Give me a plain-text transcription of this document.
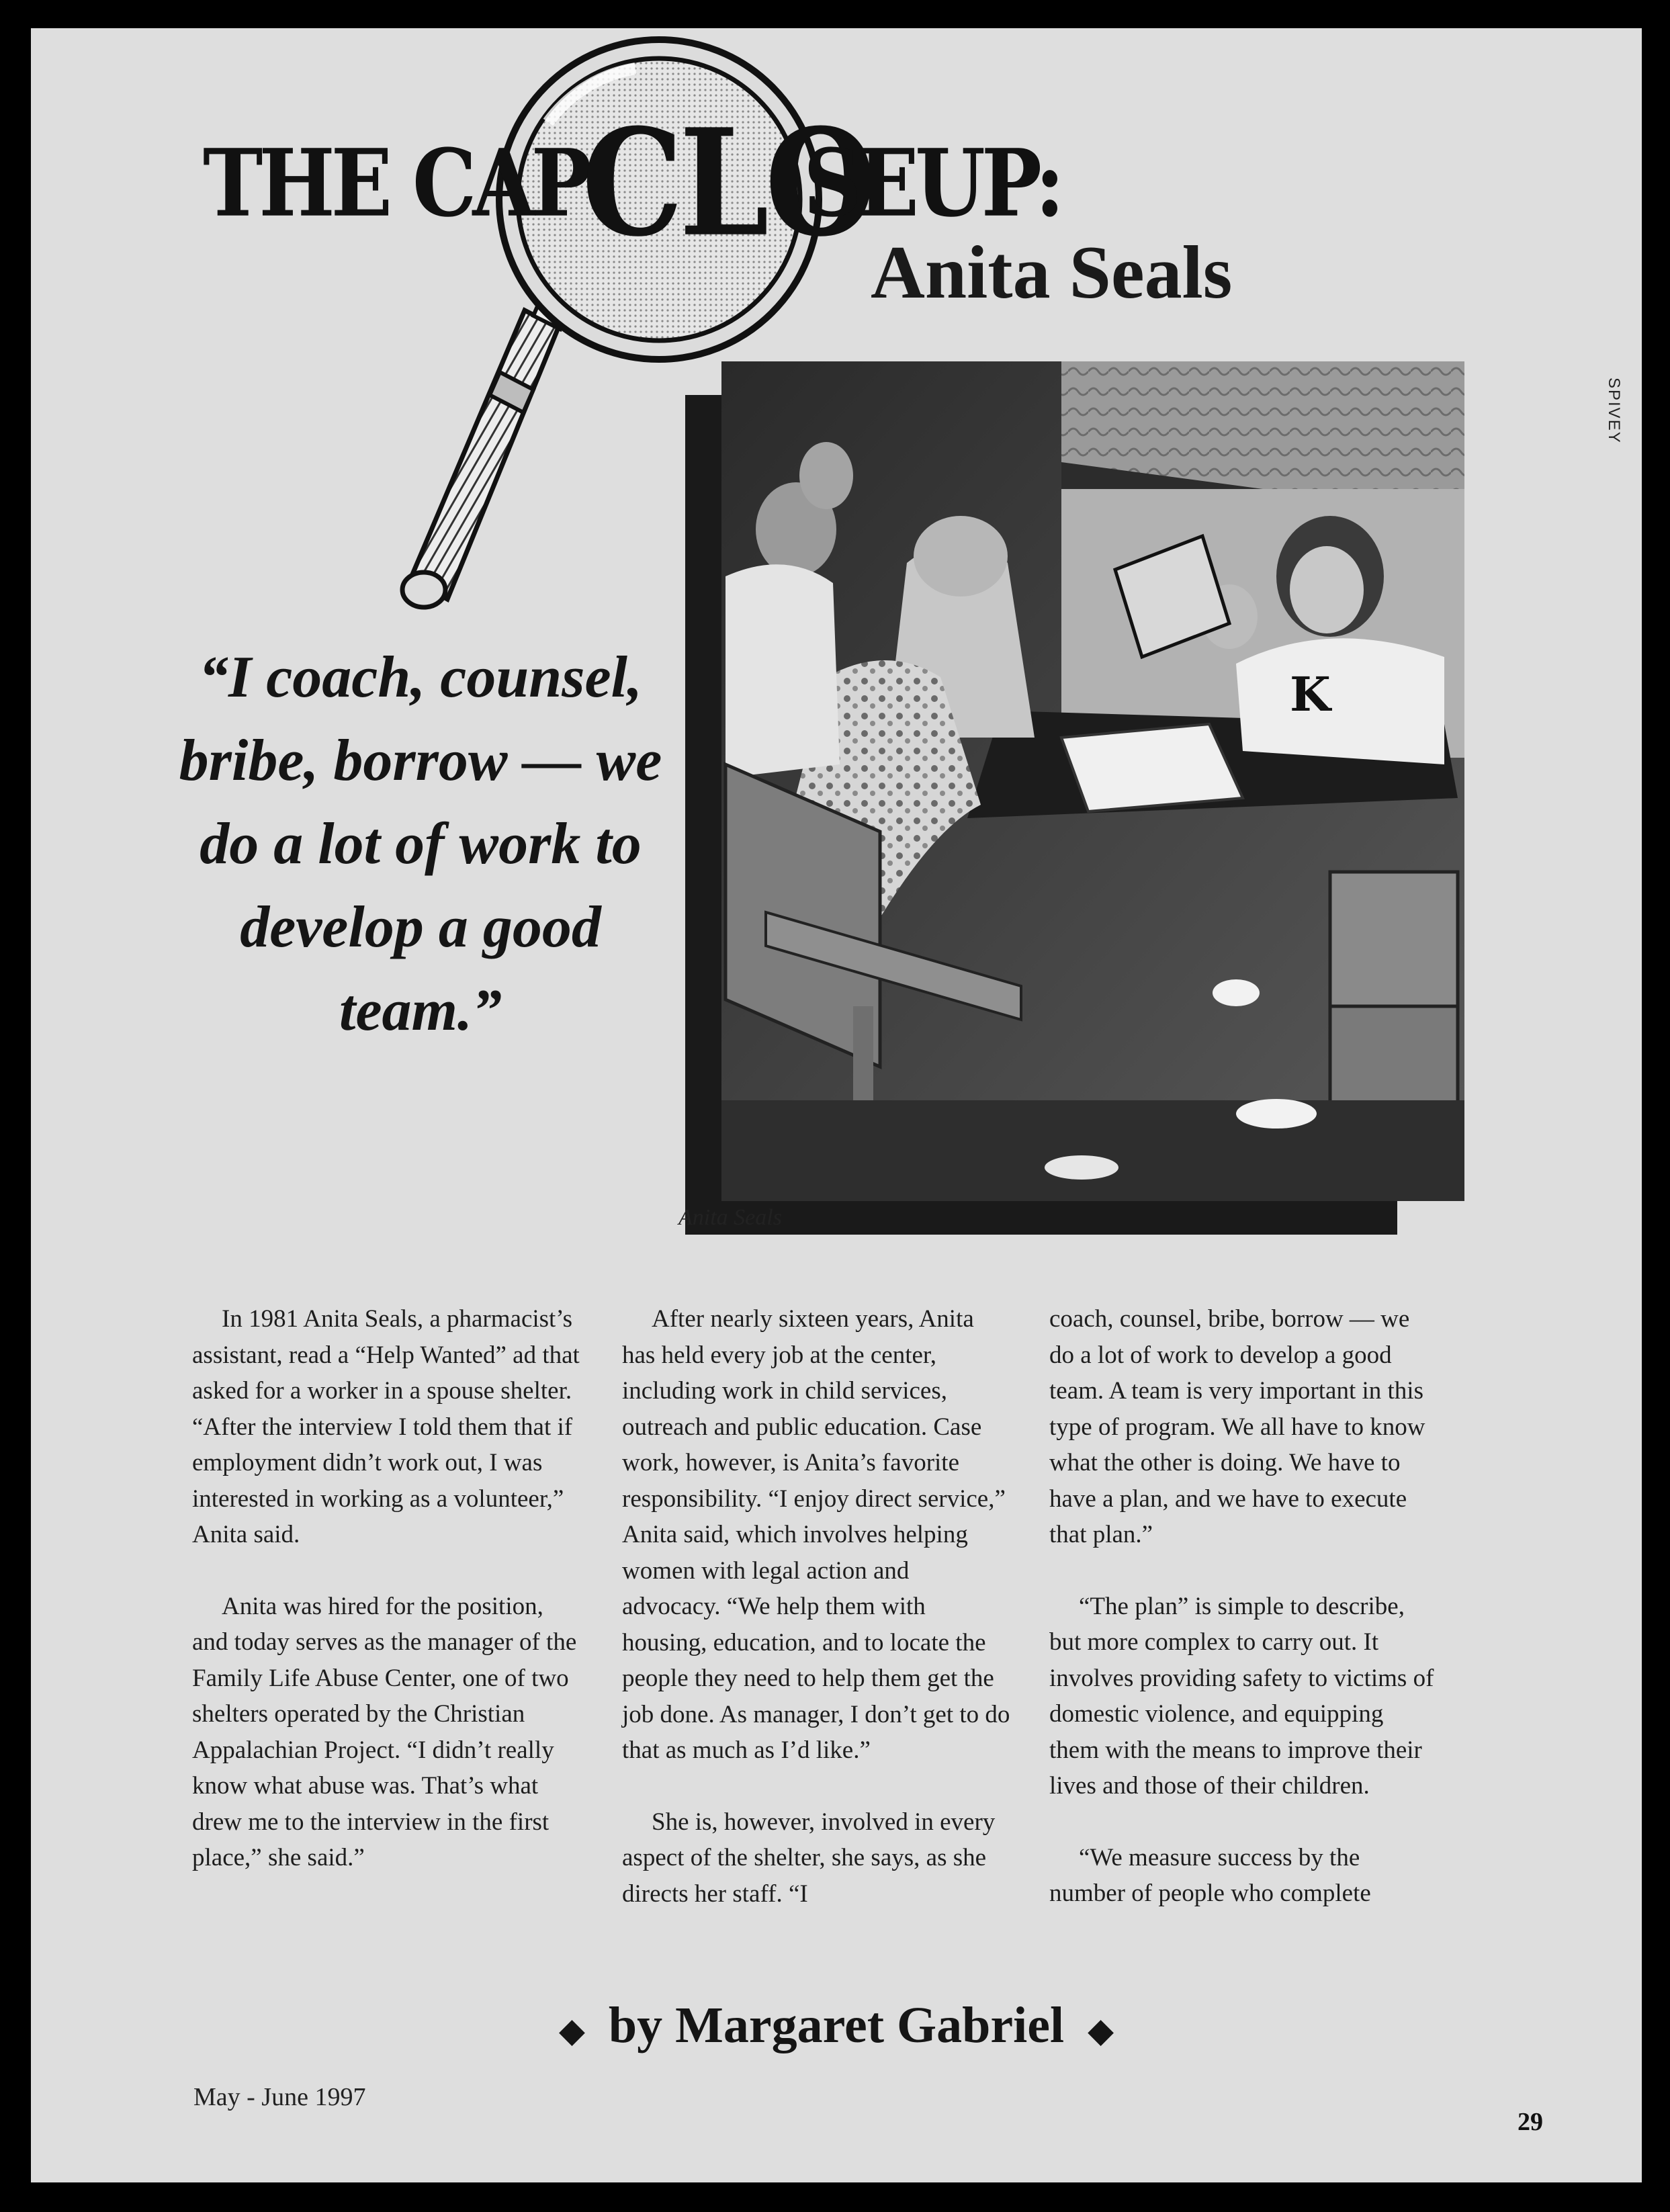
THE CAP
CLO
SEUP:
Anita Seals
SPIVEY
K
“I coach, counsel, bribe, borrow — we do a lot of work to develop a good team.”
Anita Seals

In 1981 Anita Seals, a pharmacist’s assistant, read a “Help Wanted” ad that asked for a worker in a spouse shelter. “After the interview I told them that if employment didn’t work out, I was interested in working as a volunteer,” Anita said.

Anita was hired for the position, and today serves as the manager of the Family Life Abuse Center, one of two shelters operated by the Christian Appalachian Project. “I didn’t really know what abuse was. That’s what drew me to the interview in the first place,” she said.”

After nearly sixteen years, Anita has held every job at the center, including work in child services, outreach and public education. Case work, however, is Anita’s favorite responsibility. “I enjoy direct service,” Anita said, which involves helping women with legal action and advocacy. “We help them with housing, education, and to locate the people they need to help them get the job done. As manager, I don’t get to do that as much as I’d like.”

She is, however, involved in every aspect of the shelter, she says, as she directs her staff. “I

coach, counsel, bribe, borrow — we do a lot of work to develop a good team. A team is very important in this type of program. We all have to know what the other is doing. We have to have a plan, and we have to execute that plan.”

“The plan” is simple to describe, but more complex to carry out. It involves providing safety to victims of domestic violence, and equipping them with the means to improve their lives and those of their children.

“We measure success by the number of people who complete

◆ by Margaret Gabriel ◆
May - June 1997
29
